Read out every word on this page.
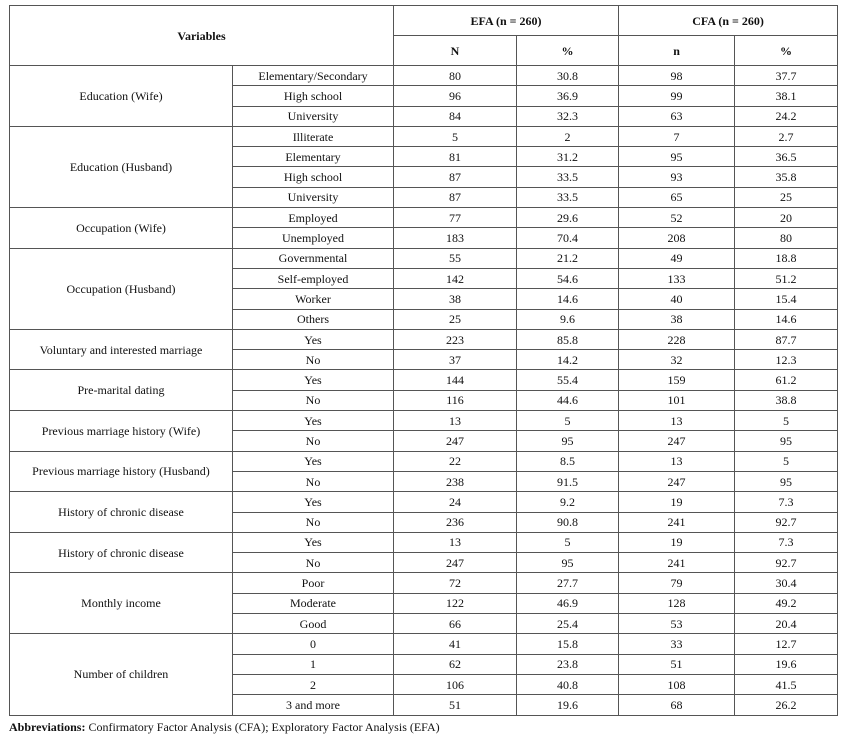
Variables		EFA (n = 260)		CFA (n = 260)	
		N	%	n	%
Education (Wife)	Elementary/Secondary	80	30.8	98	37.7
	High school	96	36.9	99	38.1
	University	84	32.3	63	24.2
Education (Husband)	Illiterate	5	2	7	2.7
	Elementary	81	31.2	95	36.5
	High school	87	33.5	93	35.8
	University	87	33.5	65	25
Occupation (Wife)	Employed	77	29.6	52	20
	Unemployed	183	70.4	208	80
Occupation (Husband)	Governmental	55	21.2	49	18.8
	Self-employed	142	54.6	133	51.2
	Worker	38	14.6	40	15.4
	Others	25	9.6	38	14.6
Voluntary and interested marriage	Yes	223	85.8	228	87.7
	No	37	14.2	32	12.3
Pre-marital dating	Yes	144	55.4	159	61.2
	No	116	44.6	101	38.8
Previous marriage history (Wife)	Yes	13	5	13	5
	No	247	95	247	95
Previous marriage history (Husband)	Yes	22	8.5	13	5
	No	238	91.5	247	95
History of chronic disease	Yes	24	9.2	19	7.3
	No	236	90.8	241	92.7
History of chronic disease	Yes	13	5	19	7.3
	No	247	95	241	92.7
Monthly income	Poor	72	27.7	79	30.4
	Moderate	122	46.9	128	49.2
	Good	66	25.4	53	20.4
Number of children	0	41	15.8	33	12.7
	1	62	23.8	51	19.6
	2	106	40.8	108	41.5
	3 and more	51	19.6	68	26.2
Abbreviations: Confirmatory Factor Analysis (CFA); Exploratory Factor Analysis (EFA)
